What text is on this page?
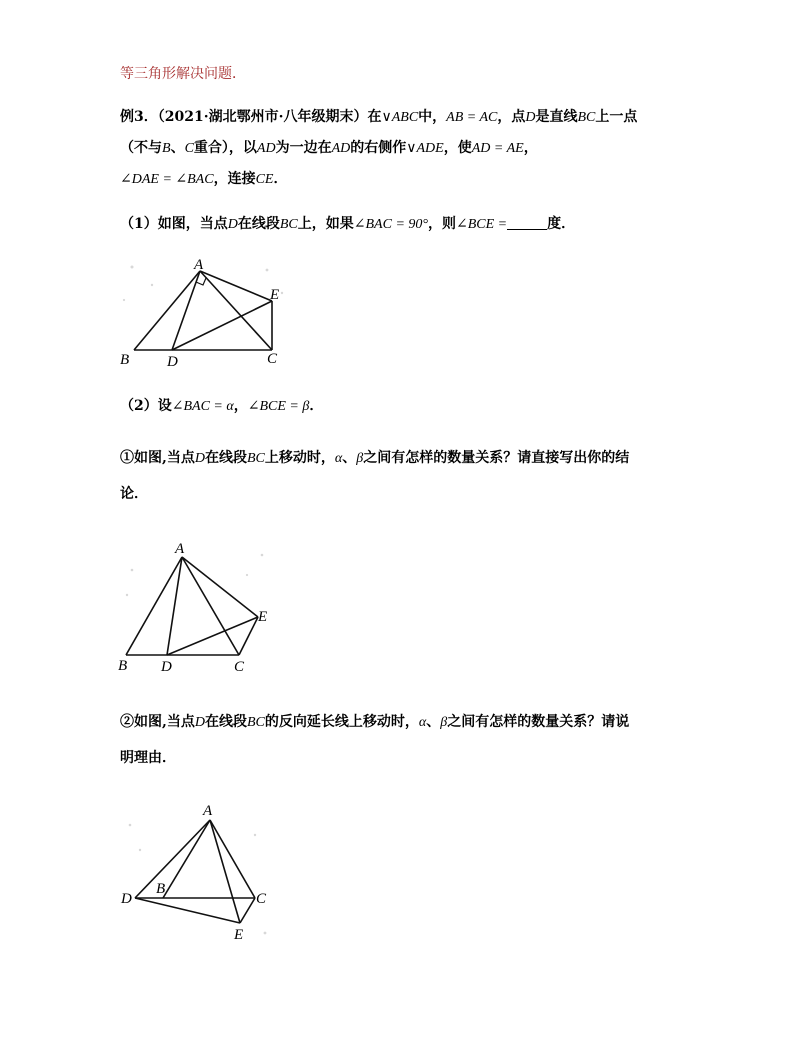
等三角形解决问题．
例3．（2021·湖北鄂州市·八年级期末）在∨ABC中，AB = AC，点D是直线BC上一点
（不与B、C重合），以AD为一边在AD的右侧作∨ADE，使AD = AE，
∠DAE = ∠BAC，连接CE．
（1）如图，当点D在线段BC上，如果∠BAC = 90°，则∠BCE =	度．
A
B	D	C
E
（2）设∠BAC = α，∠BCE = β．
①如图,当点D在线段BC上移动时，α、β之间有怎样的数量关系？请直接写出你的结
论．
A
B D	C
E
②如图,当点D在线段BC的反向延长线上移动时，α、β之间有怎样的数量关系？请说
明理由．
A
B
D	C
E
